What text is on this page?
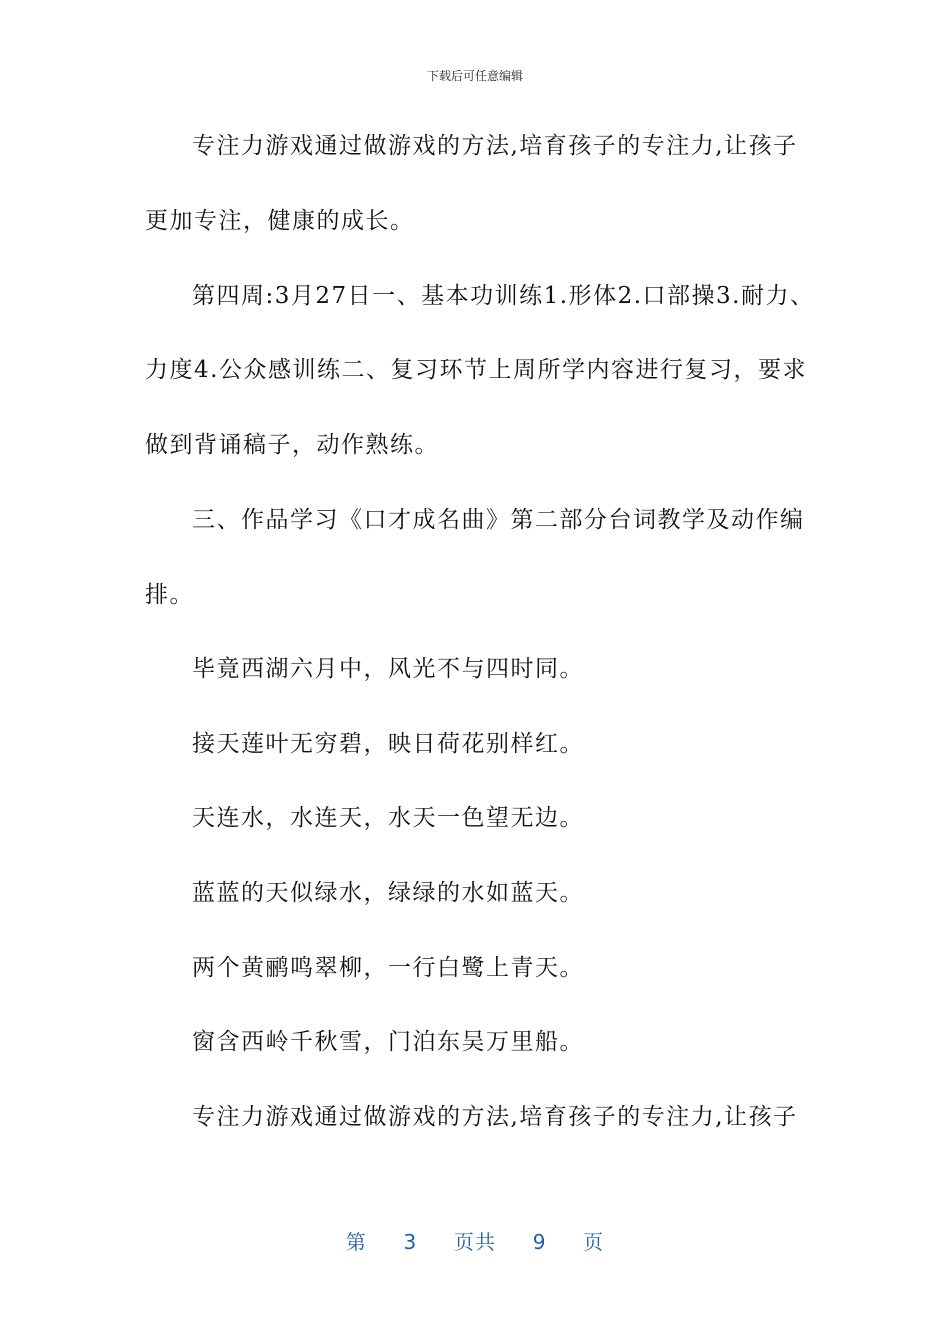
下载后可任意编辑
专注力游戏通过做游戏的方法,培育孩子的专注力,让孩子
更加专注，健康的成长。
第四周:3月27日一、基本功训练1.形体2.口部操3.耐力、
力度4.公众感训练二、复习环节上周所学内容进行复习，要求
做到背诵稿子，动作熟练。
三、作品学习《口才成名曲》第二部分台词教学及动作编
排。
毕竟西湖六月中，风光不与四时同。
接天莲叶无穷碧，映日荷花别样红。
天连水，水连天，水天一色望无边。
蓝蓝的天似绿水，绿绿的水如蓝天。
两个黄鹂鸣翠柳，一行白鹭上青天。
窗含西岭千秋雪，门泊东吴万里船。
专注力游戏通过做游戏的方法,培育孩子的专注力,让孩子
第 3 页共 9 页
